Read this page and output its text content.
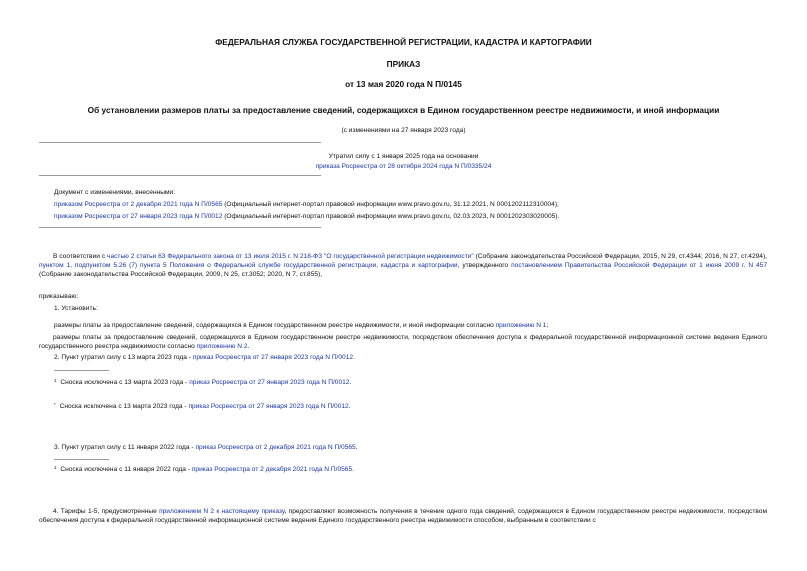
ФЕДЕРАЛЬНАЯ СЛУЖБА ГОСУДАРСТВЕННОЙ РЕГИСТРАЦИИ, КАДАСТРА И КАРТОГРАФИИ
ПРИКАЗ
от 13 мая 2020 года N П/0145
Об установлении размеров платы за предоставление сведений, содержащихся в Едином государственном реестре недвижимости, и иной информации
(с изменениями на 27 января 2023 года)
Утратил силу с 1 января 2025 года на основании
приказа Росреестра от 28 октября 2024 года N П/0335/24
Документ с изменениями, внесенными:
приказом Росреестра от 2 декабря 2021 года N П/0565 (Официальный интернет-портал правовой информации www.pravo.gov.ru, 31.12.2021, N 0001202112310004);
приказом Росреестра от 27 января 2023 года N П/0012 (Официальный интернет-портал правовой информации www.pravo.gov.ru, 02.03.2023, N 0001202303020005).
В соответствии с частью 2 статьи 63 Федерального закона от 13 июля 2015 г. N 218-ФЗ "О государственной регистрации недвижимости" (Собрание законодательства Российской Федерации, 2015, N 29, ст.4344; 2016, N 27, ст.4294), пунктом 1, подпунктом 5.26 (7) пункта 5 Положения о Федеральной службе государственной регистрации, кадастра и картографии, утвержденного постановлением Правительства Российской Федерации от 1 июня 2009 г. N 457 (Собрание законодательства Российской Федерации, 2009, N 25, ст.3052; 2020, N 7, ст.855),
приказываю:
1. Установить:
размеры платы за предоставление сведений, содержащихся в Едином государственном реестре недвижимости, и иной информации согласно приложению N 1;
размеры платы за предоставление сведений, содержащихся в Едином государственном реестре недвижимости, посредством обеспечения доступа к федеральной государственной информационной системе ведения Единого государственного реестра недвижимости согласно приложению N 2.
2. Пункт утратил силу с 13 марта 2023 года - приказ Росреестра от 27 января 2023 года N П/0012.
$^1$ Сноска исключена с 13 марта 2023 года - приказ Росреестра от 27 января 2023 года N П/0012.
* Сноска исключена с 13 марта 2023 года - приказ Росреестра от 27 января 2023 года N П/0012.
3. Пункт утратил силу с 11 января 2022 года - приказ Росреестра от 2 декабря 2021 года N П/0565.
$^1$ Сноска исключена с 11 января 2022 года - приказ Росреестра от 2 декабря 2021 года N П/0565.
4. Тарифы 1-5, предусмотренные приложением N 2 к настоящему приказу, предоставляют возможность получения в течение одного года сведений, содержащихся в Едином государственном реестре недвижимости, посредством обеспечения доступа к федеральной государственной информационной системе ведения Единого государственного реестра недвижимости способом, выбранным в соответствии с
